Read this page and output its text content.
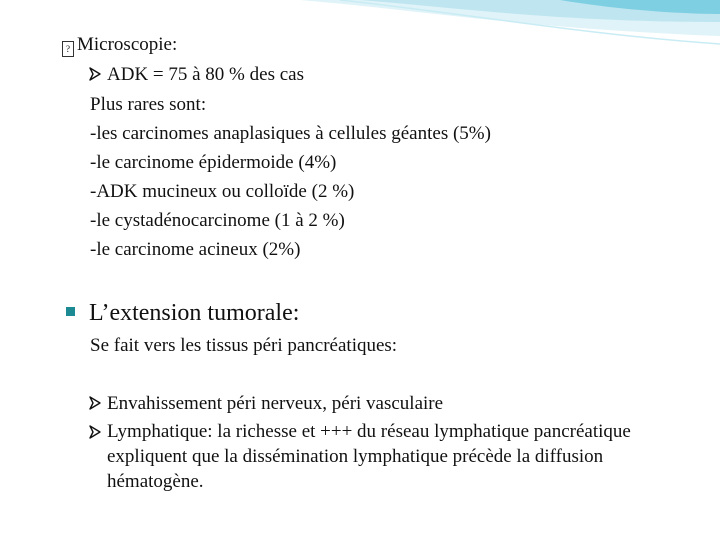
? Microscopie:
ADK = 75 à 80 % des cas
Plus rares sont:
-les carcinomes anaplasiques à cellules géantes (5%)
-le carcinome épidermoide (4%)
-ADK mucineux ou colloïde (2 %)
-le cystadénocarcinome (1 à 2 %)
-le carcinome acineux (2%)
L’extension tumorale:
Se fait vers les tissus péri pancréatiques:
Envahissement péri nerveux, péri vasculaire
Lymphatique: la richesse et +++ du réseau lymphatique pancréatique expliquent que la dissémination lymphatique précède la diffusion hématogène.
